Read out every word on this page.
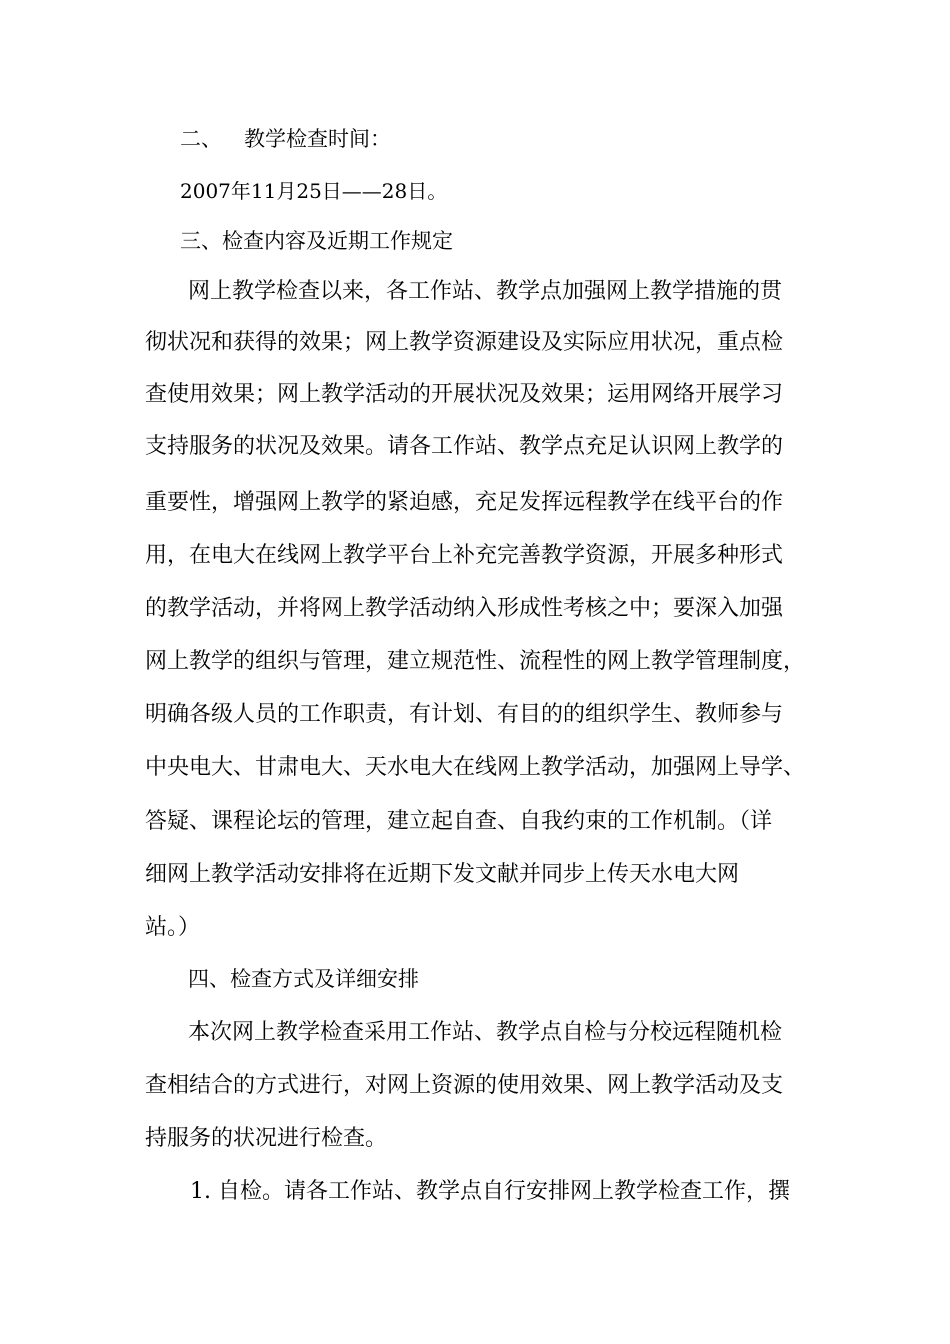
二、 教学检查时间：
2007年11月25日——28日。
三、检查内容及近期工作规定
网上教学检查以来，各工作站、教学点加强网上教学措施的贯
彻状况和获得的效果；网上教学资源建设及实际应用状况，重点检
查使用效果；网上教学活动的开展状况及效果；运用网络开展学习
支持服务的状况及效果。请各工作站、教学点充足认识网上教学的
重要性，增强网上教学的紧迫感，充足发挥远程教学在线平台的作
用，在电大在线网上教学平台上补充完善教学资源，开展多种形式
的教学活动，并将网上教学活动纳入形成性考核之中；要深入加强
网上教学的组织与管理，建立规范性、流程性的网上教学管理制度，
明确各级人员的工作职责，有计划、有目的的组织学生、教师参与
中央电大、甘肃电大、天水电大在线网上教学活动，加强网上导学、
答疑、课程论坛的管理，建立起自查、自我约束的工作机制。（详
细网上教学活动安排将在近期下发文献并同步上传天水电大网
站。）
四、检查方式及详细安排
本次网上教学检查采用工作站、教学点自检与分校远程随机检
查相结合的方式进行，对网上资源的使用效果、网上教学活动及支
持服务的状况进行检查。
1. 自检。请各工作站、教学点自行安排网上教学检查工作，撰
